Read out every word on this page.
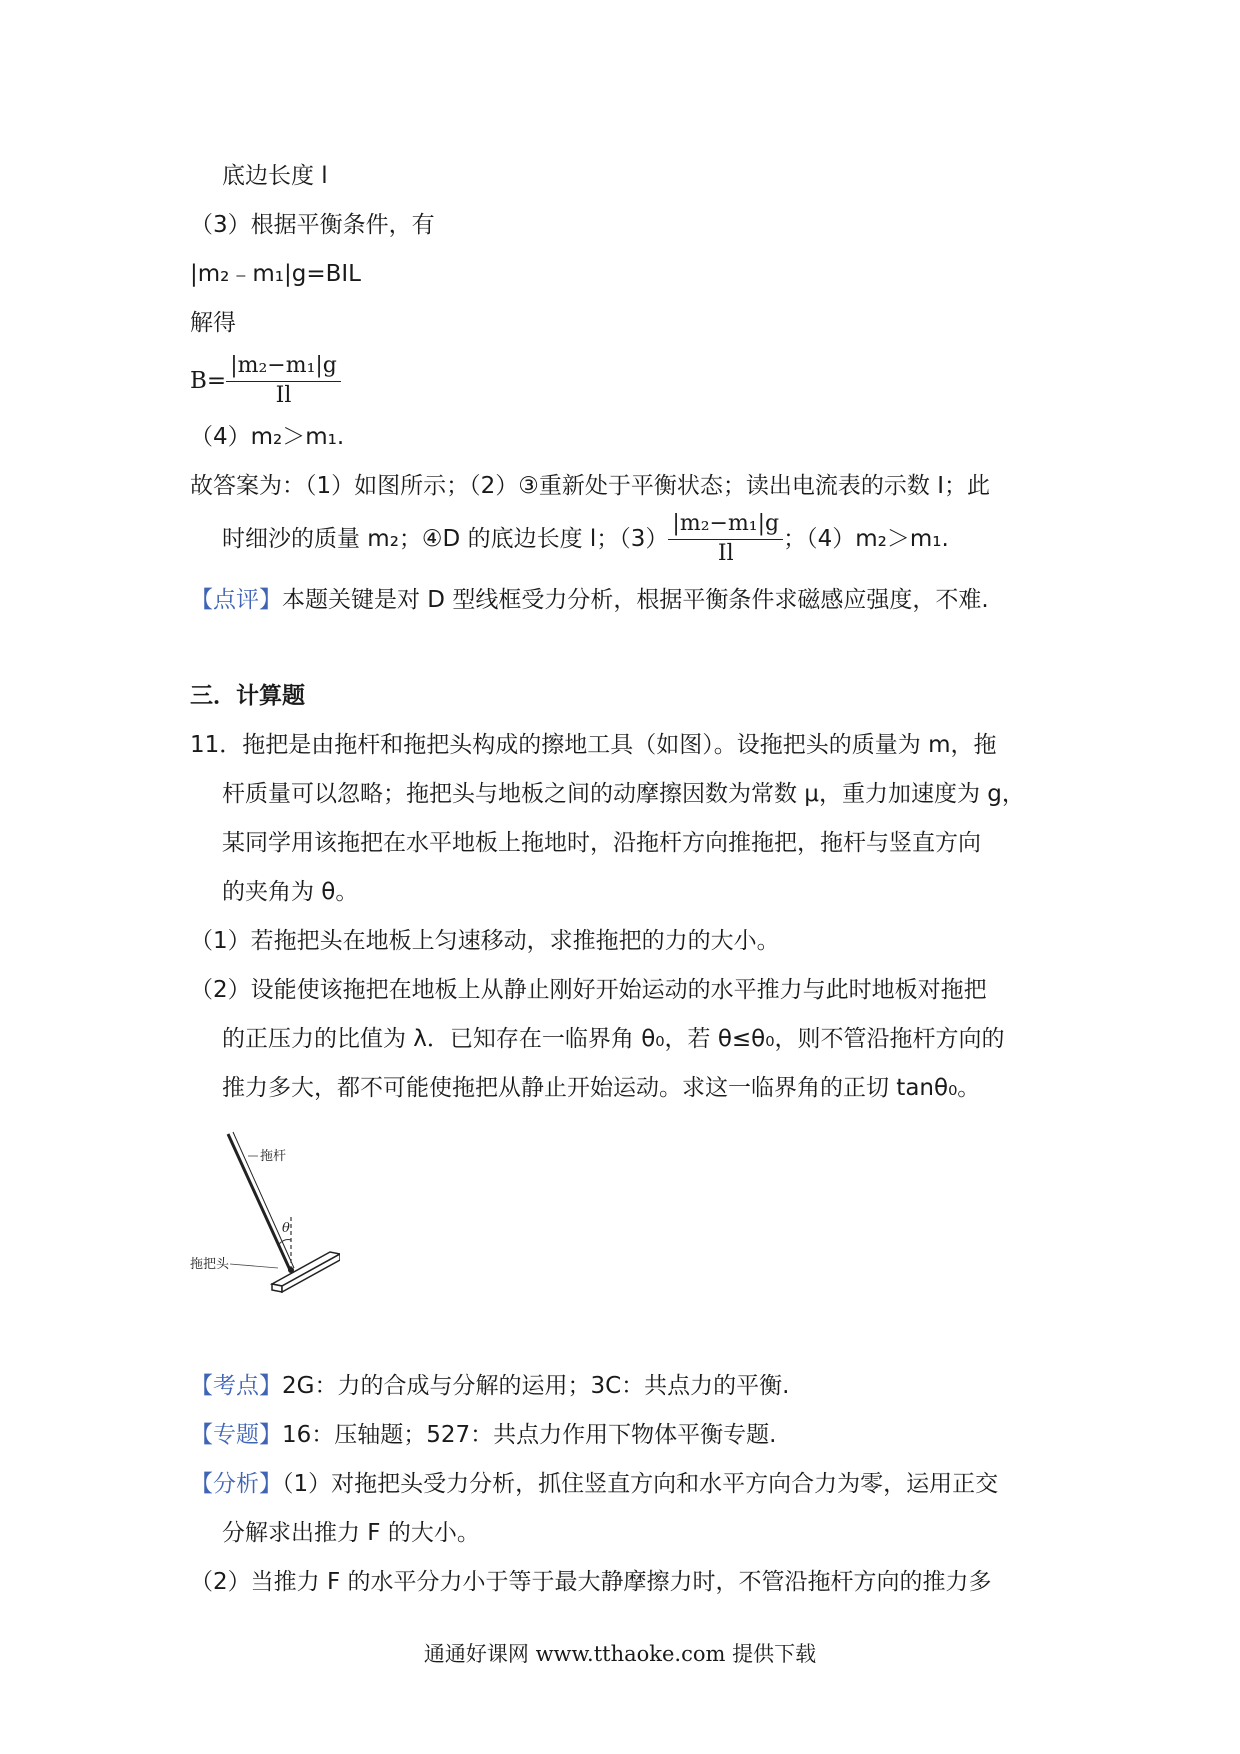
底边长度 l
（3）根据平衡条件，有
|m₂﹣m₁|g=BIL
解得
$B= \frac{\text{|m₂−m₁|g}}{Il}$
（4）m₂＞m₁.
故答案为：（1）如图所示；（2）③重新处于平衡状态；读出电流表的示数 I；此
时细沙的质量 m₂；④D 的底边长度 l；$(3) \frac{\text{|m₂−m₁|g}}{Il}$ ；（4）m₂＞m₁.
【点评】本题关键是对 D 型线框受力分析，根据平衡条件求磁感应强度，不难.
三．计算题
11．拖把是由拖杆和拖把头构成的擦地工具（如图）。设拖把头的质量为 m，拖
杆质量可以忽略；拖把头与地板之间的动摩擦因数为常数 μ，重力加速度为 g，
某同学用该拖把在水平地板上拖地时，沿拖杆方向推拖把，拖杆与竖直方向
的夹角为 θ。
（1）若拖把头在地板上匀速移动，求推拖把的力的大小。
（2）设能使该拖把在地板上从静止刚好开始运动的水平推力与此时地板对拖把
的正压力的比值为 λ．已知存在一临界角 θ₀，若 θ≤θ₀，则不管沿拖杆方向的
推力多大，都不可能使拖把从静止开始运动。求这一临界角的正切 tanθ₀。
θ
拖杆
拖把头
【考点】2G：力的合成与分解的运用；3C：共点力的平衡.
【专题】16：压轴题；527：共点力作用下物体平衡专题.
【分析】（1）对拖把头受力分析，抓住竖直方向和水平方向合力为零，运用正交
分解求出推力 F 的大小。
（2）当推力 F 的水平分力小于等于最大静摩擦力时，不管沿拖杆方向的推力多
通通好课网 www.tthaoke.com 提供下载
